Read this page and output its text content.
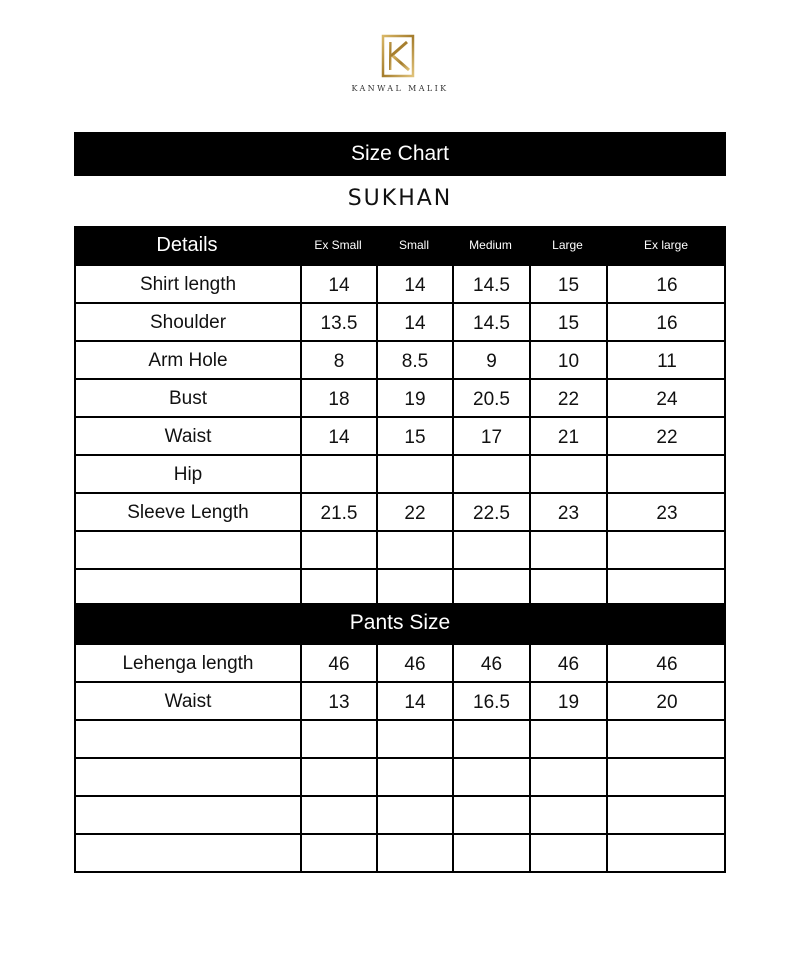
KANWAL MALIK
Size Chart
SUKHAN
Details	Ex Small	Small	Medium	Large	Ex large
Shirt length	14	14	14.5	15	16
Shoulder	13.5	14	14.5	15	16
Arm Hole	8	8.5	9	10	11
Bust	18	19	20.5	22	24
Waist	14	15	17	21	22
Hip
Sleeve Length	21.5	22	22.5	23	23
Pants Size
Lehenga length	46	46	46	46	46
Waist	13	14	16.5	19	20
